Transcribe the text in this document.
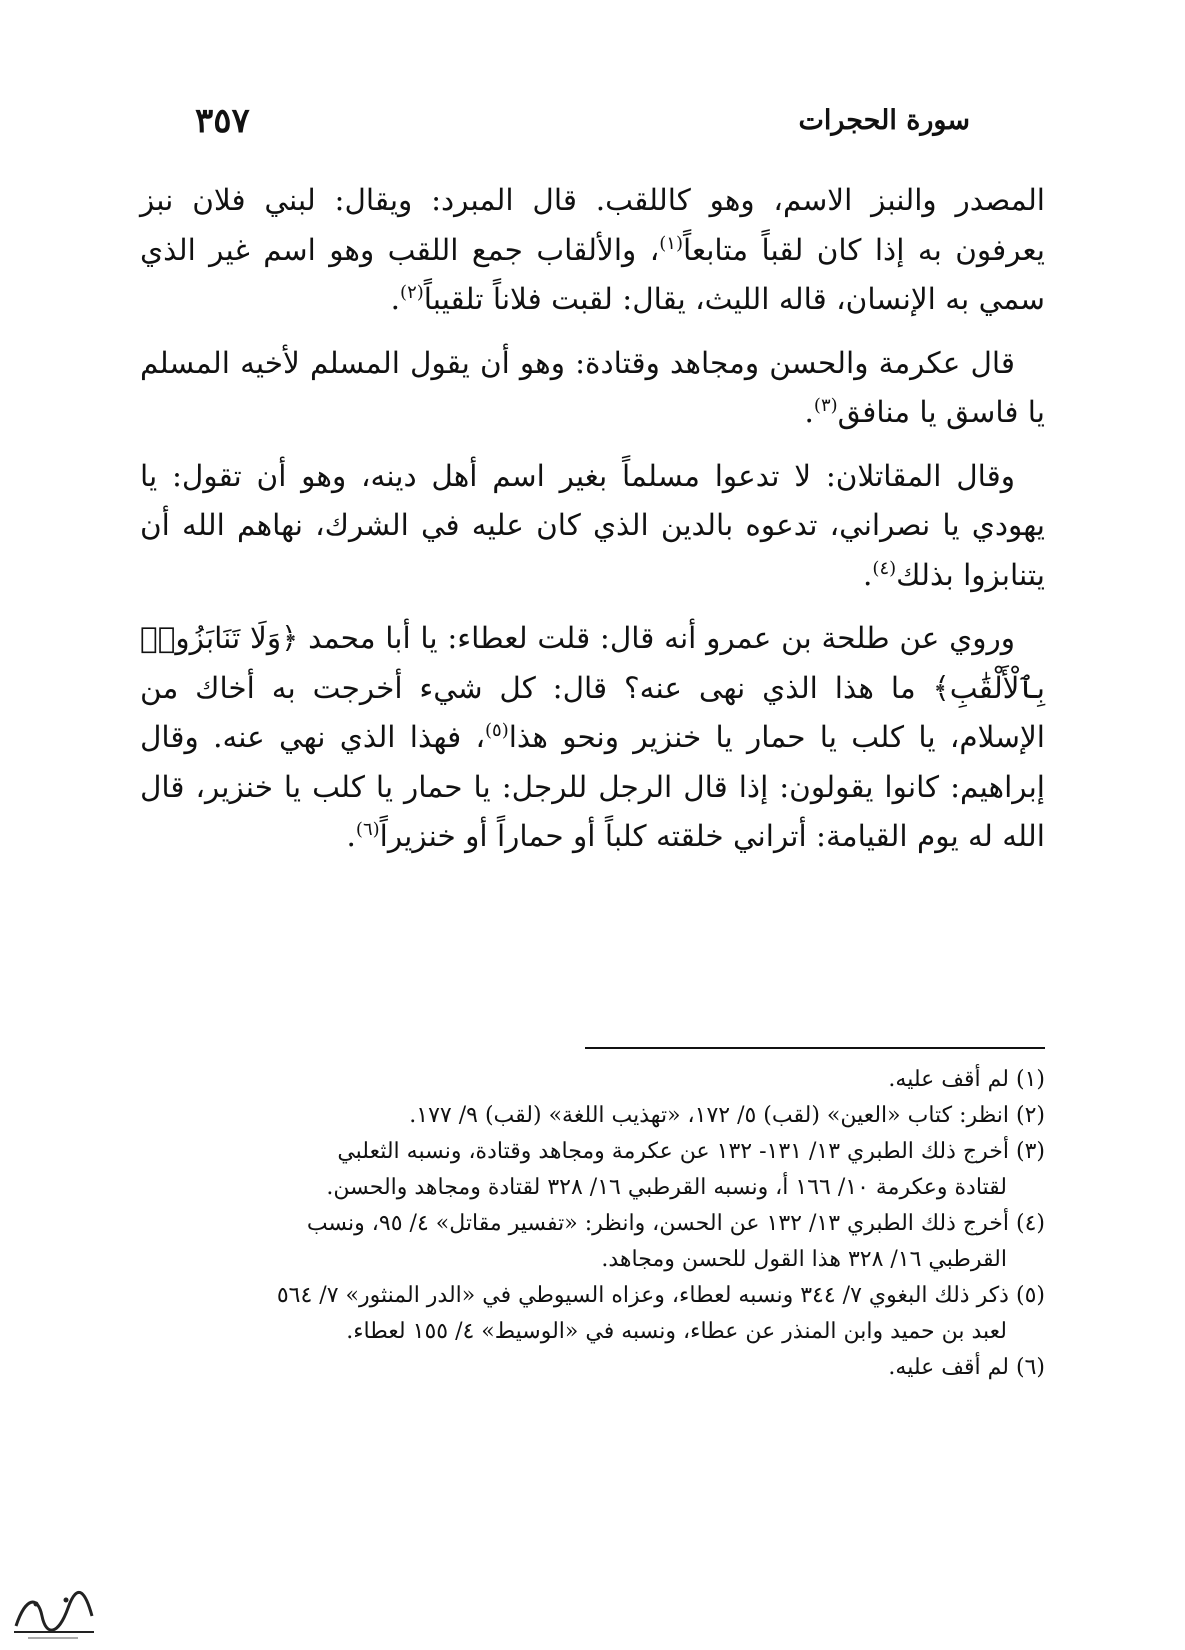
سورة الحجرات
٣٥٧

المصدر والنبز الاسم، وهو كاللقب. قال المبرد: ويقال: لبني فلان نبز يعرفون به إذا كان لقباً متابعاً$^{(١)}$، والألقاب جمع اللقب وهو اسم غير الذي سمي به الإنسان، قاله الليث، يقال: لقبت فلاناً تلقيباً$^{(٢)}$.

قال عكرمة والحسن ومجاهد وقتادة: وهو أن يقول المسلم لأخيه المسلم يا فاسق يا منافق$^{(٣)}$.

وقال المقاتلان: لا تدعوا مسلماً بغير اسم أهل دينه، وهو أن تقول: يا يهودي يا نصراني، تدعوه بالدين الذي كان عليه في الشرك، نهاهم الله أن يتنابزوا بذلك$^{(٤)}$.

وروي عن طلحة بن عمرو أنه قال: قلت لعطاء: يا أبا محمد ﴿وَلَا تَنَابَزُوا۟ بِٱلْأَلْقَٰبِ﴾ ما هذا الذي نهى عنه؟ قال: كل شيء أخرجت به أخاك من الإسلام، يا كلب يا حمار يا خنزير ونحو هذا$^{(٥)}$، فهذا الذي نهي عنه. وقال إبراهيم: كانوا يقولون: إذا قال الرجل للرجل: يا حمار يا كلب يا خنزير، قال الله له يوم القيامة: أتراني خلقته كلباً أو حماراً أو خنزيراً$^{(٦)}$.

(١) لم أقف عليه.

(٢) انظر: كتاب «العين» (لقب) ٥/ ١٧٢، «تهذيب اللغة» (لقب) ٩/ ١٧٧.

(٣) أخرج ذلك الطبري ١٣/ ١٣١- ١٣٢ عن عكرمة ومجاهد وقتادة، ونسبه الثعلبي
لقتادة وعكرمة ١٠/ ١٦٦ أ، ونسبه القرطبي ١٦/ ٣٢٨ لقتادة ومجاهد والحسن.

(٤) أخرج ذلك الطبري ١٣/ ١٣٢ عن الحسن، وانظر: «تفسير مقاتل» ٤/ ٩٥، ونسب
القرطبي ١٦/ ٣٢٨ هذا القول للحسن ومجاهد.

(٥) ذكر ذلك البغوي ٧/ ٣٤٤ ونسبه لعطاء، وعزاه السيوطي في «الدر المنثور» ٧/ ٥٦٤
لعبد بن حميد وابن المنذر عن عطاء، ونسبه في «الوسيط» ٤/ ١٥٥ لعطاء.

(٦) لم أقف عليه.
